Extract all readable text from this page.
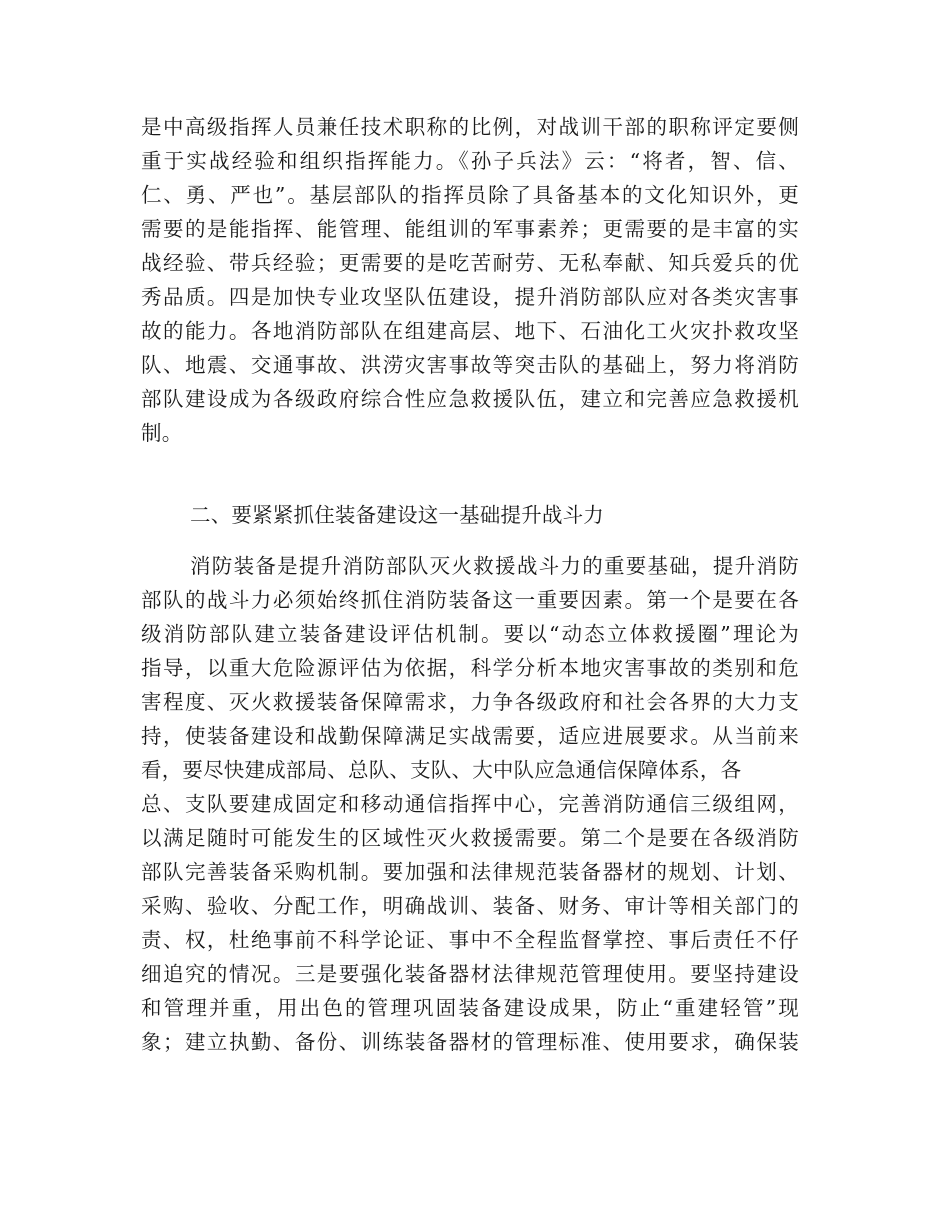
是中高级指挥人员兼任技术职称的比例，对战训干部的职称评定要侧
重于实战经验和组织指挥能力。《孙子兵法》云：“将者，智、信、
仁、勇、严也”。基层部队的指挥员除了具备基本的文化知识外，更
需要的是能指挥、能管理、能组训的军事素养；更需要的是丰富的实
战经验、带兵经验；更需要的是吃苦耐劳、无私奉献、知兵爱兵的优
秀品质。四是加快专业攻坚队伍建设，提升消防部队应对各类灾害事
故的能力。各地消防部队在组建高层、地下、石油化工火灾扑救攻坚
队、地震、交通事故、洪涝灾害事故等突击队的基础上，努力将消防
部队建设成为各级政府综合性应急救援队伍，建立和完善应急救援机
制。
二、要紧紧抓住装备建设这一基础提升战斗力
消防装备是提升消防部队灭火救援战斗力的重要基础，提升消防
部队的战斗力必须始终抓住消防装备这一重要因素。第一个是要在各
级消防部队建立装备建设评估机制。要以“动态立体救援圈”理论为
指导，以重大危险源评估为依据，科学分析本地灾害事故的类别和危
害程度、灭火救援装备保障需求，力争各级政府和社会各界的大力支
持，使装备建设和战勤保障满足实战需要，适应进展要求。从当前来
看，要尽快建成部局、总队、支队、大中队应急通信保障体系，各
总、支队要建成固定和移动通信指挥中心，完善消防通信三级组网，
以满足随时可能发生的区域性灭火救援需要。第二个是要在各级消防
部队完善装备采购机制。要加强和法律规范装备器材的规划、计划、
采购、验收、分配工作，明确战训、装备、财务、审计等相关部门的
责、权，杜绝事前不科学论证、事中不全程监督掌控、事后责任不仔
细追究的情况。三是要强化装备器材法律规范管理使用。要坚持建设
和管理并重，用出色的管理巩固装备建设成果，防止“重建轻管”现
象；建立执勤、备份、训练装备器材的管理标准、使用要求，确保装
